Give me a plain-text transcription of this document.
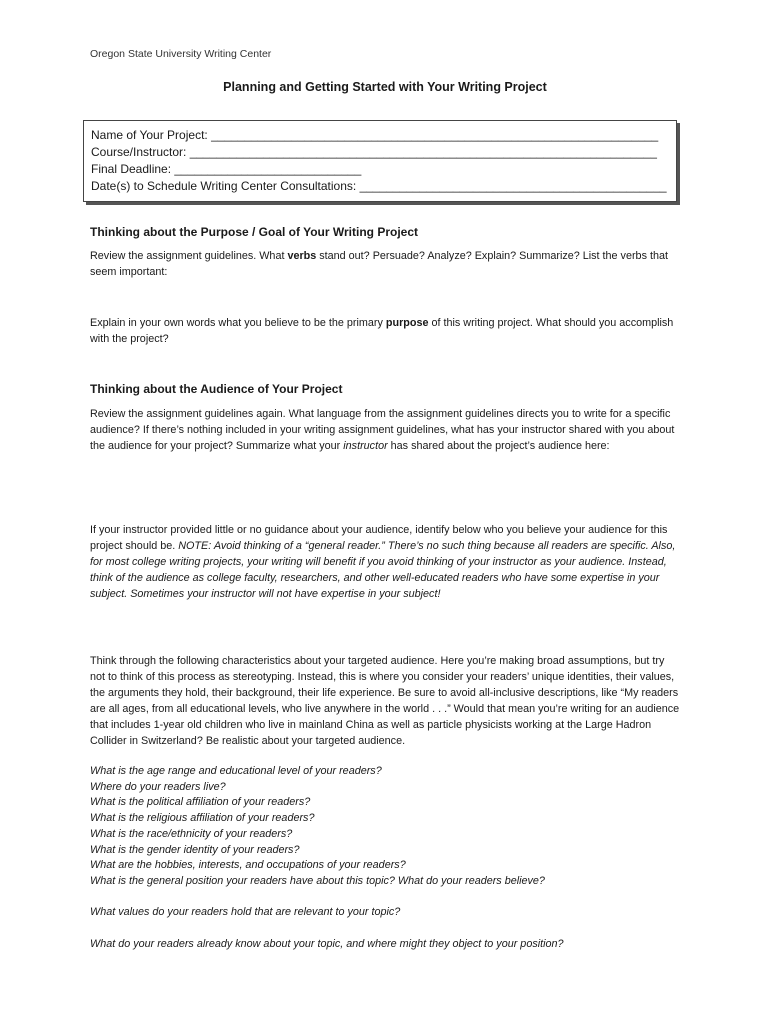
Oregon State University Writing Center
Planning and Getting Started with Your Writing Project
Name of Your Project: ___________________________________________________________________
Course/Instructor: ______________________________________________________________________
Final Deadline: ____________________________
Date(s) to Schedule Writing Center Consultations: ______________________________________________
Thinking about the Purpose / Goal of Your Writing Project
Review the assignment guidelines. What verbs stand out? Persuade? Analyze? Explain? Summarize? List the verbs that seem important:
Explain in your own words what you believe to be the primary purpose of this writing project. What should you accomplish with the project?
Thinking about the Audience of Your Project
Review the assignment guidelines again. What language from the assignment guidelines directs you to write for a specific audience? If there’s nothing included in your writing assignment guidelines, what has your instructor shared with you about the audience for your project? Summarize what your instructor has shared about the project’s audience here:
If your instructor provided little or no guidance about your audience, identify below who you believe your audience for this project should be. NOTE: Avoid thinking of a “general reader.” There’s no such thing because all readers are specific. Also, for most college writing projects, your writing will benefit if you avoid thinking of your instructor as your audience. Instead, think of the audience as college faculty, researchers, and other well-educated readers who have some expertise in your subject. Sometimes your instructor will not have expertise in your subject!
Think through the following characteristics about your targeted audience. Here you’re making broad assumptions, but try not to think of this process as stereotyping. Instead, this is where you consider your readers’ unique identities, their values, the arguments they hold, their background, their life experience. Be sure to avoid all-inclusive descriptions, like “My readers are all ages, from all educational levels, who live anywhere in the world . . .” Would that mean you’re writing for an audience that includes 1-year old children who live in mainland China as well as particle physicists working at the Large Hadron Collider in Switzerland? Be realistic about your targeted audience.
What is the age range and educational level of your readers?
Where do your readers live?
What is the political affiliation of your readers?
What is the religious affiliation of your readers?
What is the race/ethnicity of your readers?
What is the gender identity of your readers?
What are the hobbies, interests, and occupations of your readers?
What is the general position your readers have about this topic? What do your readers believe?
What values do your readers hold that are relevant to your topic?
What do your readers already know about your topic, and where might they object to your position?
